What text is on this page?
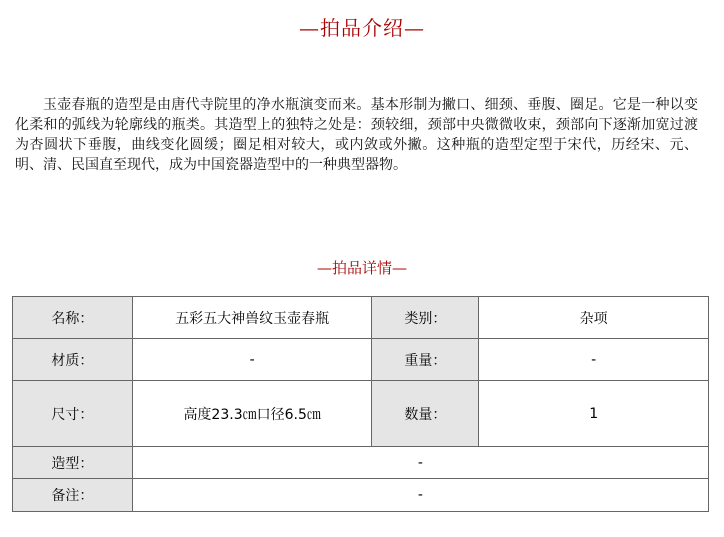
—拍品介绍—
玉壶春瓶的造型是由唐代寺院里的净水瓶演变而来。基本形制为撇口、细颈、垂腹、圈足。它是一种以变化柔和的弧线为轮廓线的瓶类。其造型上的独特之处是：颈较细，颈部中央微微收束，颈部向下逐渐加宽过渡为杏圆状下垂腹，曲线变化圆缓；圈足相对较大，或内敛或外撇。这种瓶的造型定型于宋代，历经宋、元、明、清、民国直至现代，成为中国瓷器造型中的一种典型器物。
—拍品详情—
名称：	五彩五大神兽纹玉壶春瓶	类别：	杂项
材质：	-	重量：	-
尺寸：	高度23.3㎝口径6.5㎝	数量：	1
造型：	-		
备注：	-		
